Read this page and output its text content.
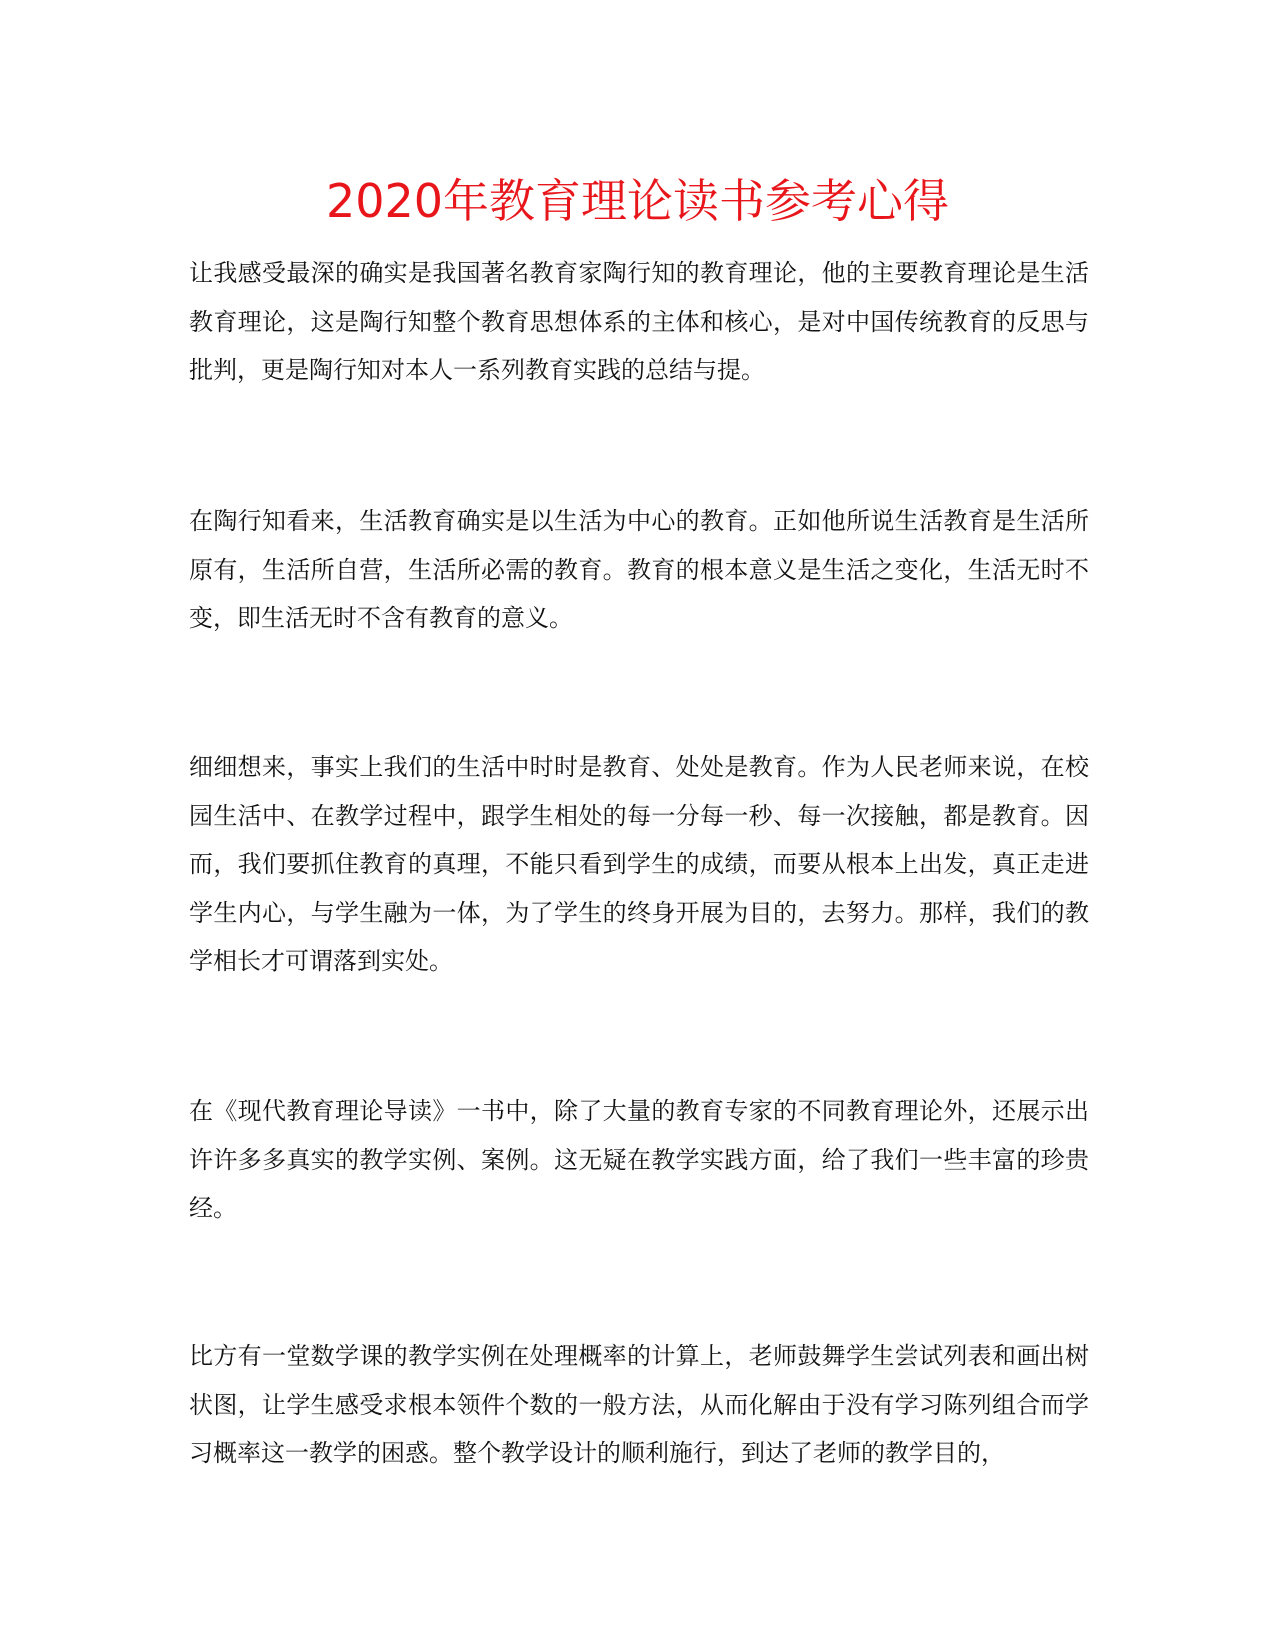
2020年教育理论读书参考心得

让我感受最深的确实是我国著名教育家陶行知的教育理论，他的主要教育理论是生活教育理论，这是陶行知整个教育思想体系的主体和核心，是对中国传统教育的反思与批判，更是陶行知对本人一系列教育实践的总结与提。

在陶行知看来，生活教育确实是以生活为中心的教育。正如他所说生活教育是生活所原有，生活所自营，生活所必需的教育。教育的根本意义是生活之变化，生活无时不变，即生活无时不含有教育的意义。

细细想来，事实上我们的生活中时时是教育、处处是教育。作为人民老师来说，在校园生活中、在教学过程中，跟学生相处的每一分每一秒、每一次接触，都是教育。因而，我们要抓住教育的真理，不能只看到学生的成绩，而要从根本上出发，真正走进学生内心，与学生融为一体，为了学生的终身开展为目的，去努力。那样，我们的教学相长才可谓落到实处。

在《现代教育理论导读》一书中，除了大量的教育专家的不同教育理论外，还展示出许许多多真实的教学实例、案例。这无疑在教学实践方面，给了我们一些丰富的珍贵经。

比方有一堂数学课的教学实例在处理概率的计算上，老师鼓舞学生尝试列表和画出树状图，让学生感受求根本领件个数的一般方法，从而化解由于没有学习陈列组合而学习概率这一教学的困惑。整个教学设计的顺利施行，到达了老师的教学目的，
